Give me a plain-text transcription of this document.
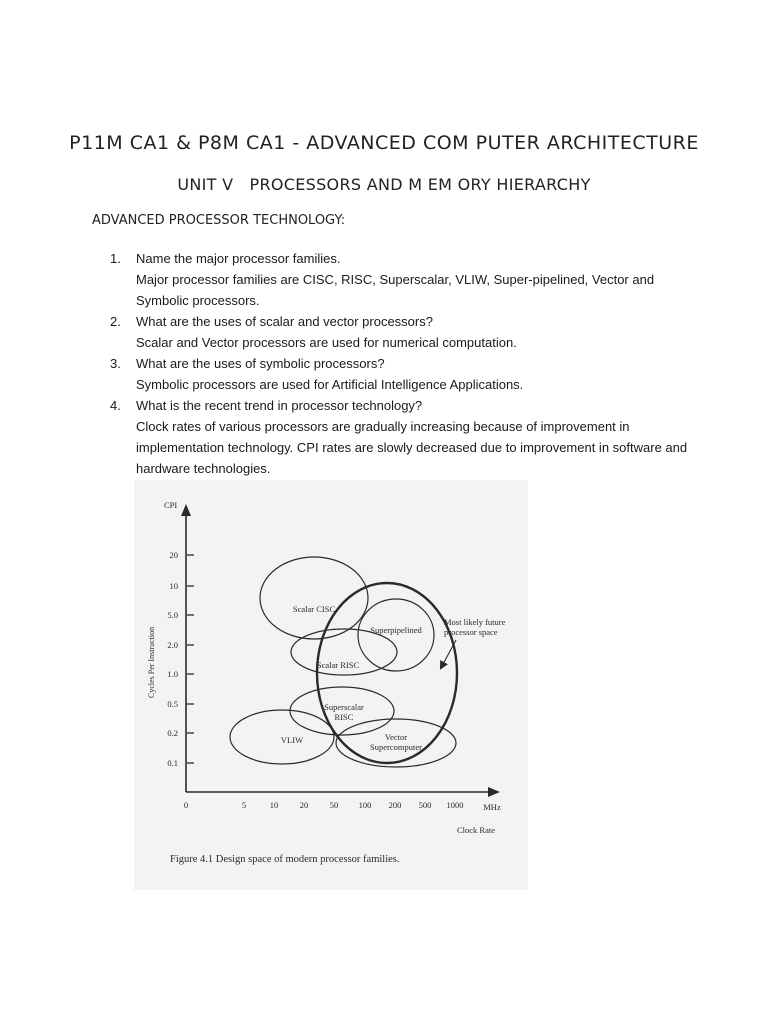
P11M CA1 & P8M CA1 - ADVANCED COM PUTER ARCHITECTURE
UNIT V   PROCESSORS AND M EM ORY HIERARCHY
ADVANCED PROCESSOR TECHNOLOGY:
1.	Name the major processor families.
Major processor families are CISC, RISC, Superscalar, VLIW, Super-pipelined, Vector and Symbolic processors.
2.	What are the uses of scalar and vector processors?
Scalar and Vector processors are used for numerical computation.
3.	What are the uses of symbolic processors?
Symbolic processors are used for Artificial Intelligence Applications.
4.	What is the recent trend in processor technology?
Clock rates of various processors are gradually increasing because of improvement in implementation technology. CPI rates are slowly decreased due to improvement in software and hardware technologies.
CPI
Cycles Per Instruction
20
10
5.0
2.0
1.0
0.5
0.2
0.1
0	5	10	20	50 100 200 500 1000 MHz
Clock Rate
Scalar CISC
Superpipelined
Scalar RISC
Superscalar
RISC
VLIW	Vector
Supercomputer
Most likely future
processor space
Figure 4.1 Design space of modern processor families.
